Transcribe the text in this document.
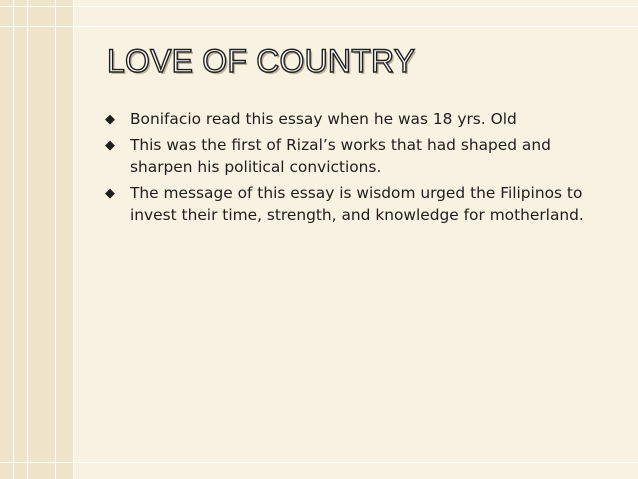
LOVE OF COUNTRY
◆ Bonifacio read this essay when he was 18 yrs. Old
◆ This was the first of Rizal’s works that had shaped and sharpen his political convictions.
◆ The message of this essay is wisdom urged the Filipinos to invest their time, strength, and knowledge for motherland.
